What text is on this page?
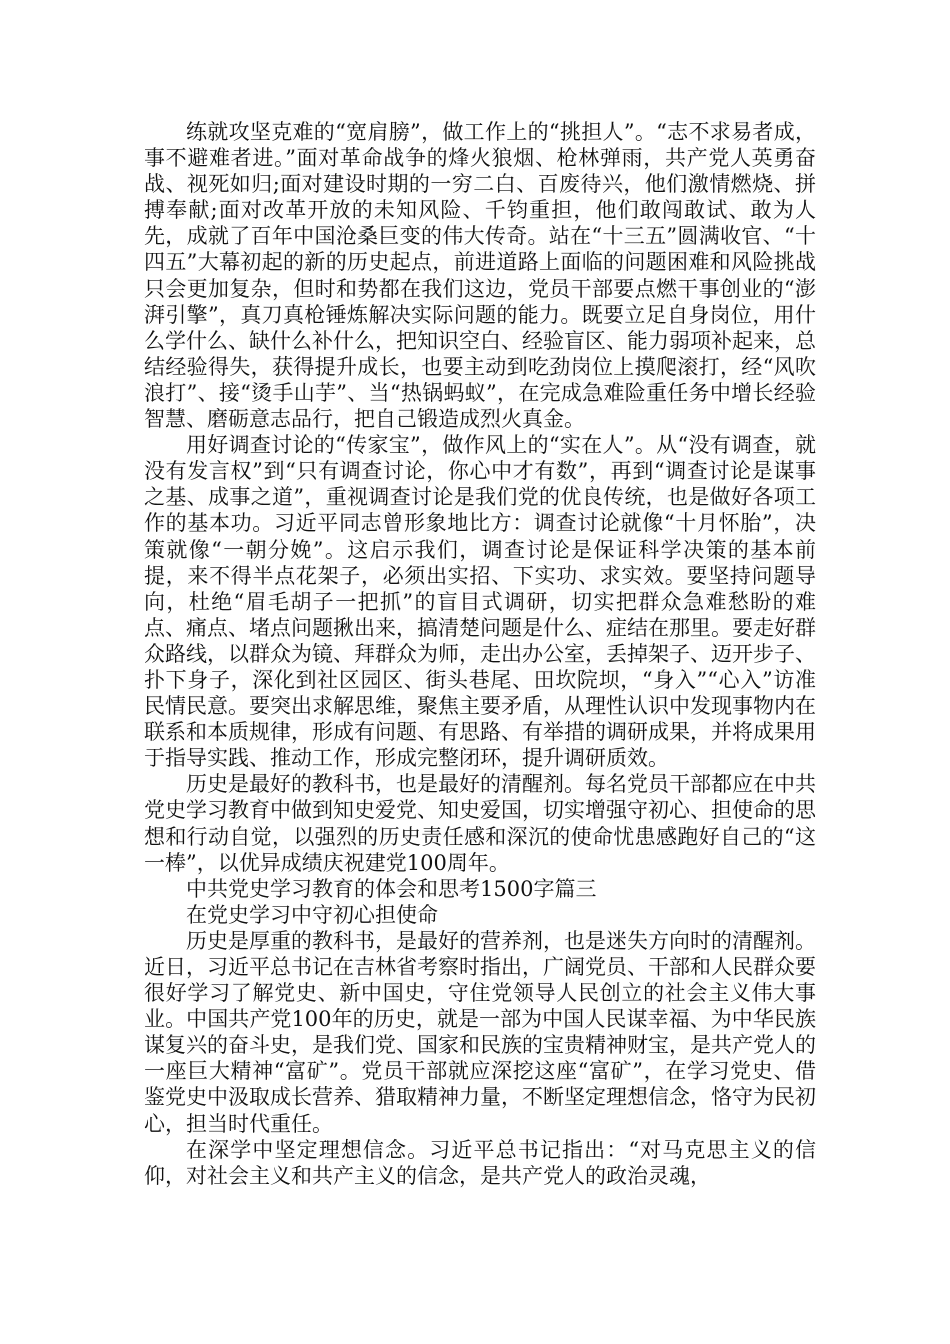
练就攻坚克难的“宽肩膀”，做工作上的“挑担人”。“志不求易者成，事不避难者进。”面对革命战争的烽火狼烟、枪林弹雨，共产党人英勇奋战、视死如归;面对建设时期的一穷二白、百废待兴，他们激情燃烧、拼搏奉献;面对改革开放的未知风险、千钧重担，他们敢闯敢试、敢为人先，成就了百年中国沧桑巨变的伟大传奇。站在“十三五”圆满收官、“十四五”大幕初起的新的历史起点，前进道路上面临的问题困难和风险挑战只会更加复杂，但时和势都在我们这边，党员干部要点燃干事创业的“澎湃引擎”，真刀真枪锤炼解决实际问题的能力。既要立足自身岗位，用什么学什么、缺什么补什么，把知识空白、经验盲区、能力弱项补起来，总结经验得失，获得提升成长，也要主动到吃劲岗位上摸爬滚打，经“风吹浪打”、接“烫手山芋”、当“热锅蚂蚁”，在完成急难险重任务中增长经验智慧、磨砺意志品行，把自己锻造成烈火真金。

用好调查讨论的“传家宝”，做作风上的“实在人”。从“没有调查，就没有发言权”到“只有调查讨论，你心中才有数”，再到“调查讨论是谋事之基、成事之道”，重视调查讨论是我们党的优良传统，也是做好各项工作的基本功。习近平同志曾形象地比方：调查讨论就像“十月怀胎”，决策就像“一朝分娩”。这启示我们，调查讨论是保证科学决策的基本前提，来不得半点花架子，必须出实招、下实功、求实效。要坚持问题导向，杜绝“眉毛胡子一把抓”的盲目式调研，切实把群众急难愁盼的难点、痛点、堵点问题揪出来，搞清楚问题是什么、症结在那里。要走好群众路线，以群众为镜、拜群众为师，走出办公室，丢掉架子、迈开步子、扑下身子，深化到社区园区、街头巷尾、田坎院坝，“身入”“心入”访准民情民意。要突出求解思维，聚焦主要矛盾，从理性认识中发现事物内在联系和本质规律，形成有问题、有思路、有举措的调研成果，并将成果用于指导实践、推动工作，形成完整闭环，提升调研质效。

历史是最好的教科书，也是最好的清醒剂。每名党员干部都应在中共党史学习教育中做到知史爱党、知史爱国，切实增强守初心、担使命的思想和行动自觉，以强烈的历史责任感和深沉的使命忧患感跑好自己的“这一棒”，以优异成绩庆祝建党100周年。

中共党史学习教育的体会和思考1500字篇三

在党史学习中守初心担使命

历史是厚重的教科书，是最好的营养剂，也是迷失方向时的清醒剂。近日，习近平总书记在吉林省考察时指出，广阔党员、干部和人民群众要很好学习了解党史、新中国史，守住党领导人民创立的社会主义伟大事业。中国共产党100年的历史，就是一部为中国人民谋幸福、为中华民族谋复兴的奋斗史，是我们党、国家和民族的宝贵精神财宝，是共产党人的一座巨大精神“富矿”。党员干部就应深挖这座“富矿”，在学习党史、借鉴党史中汲取成长营养、猎取精神力量，不断坚定理想信念，恪守为民初心，担当时代重任。

在深学中坚定理想信念。习近平总书记指出：“对马克思主义的信仰，对社会主义和共产主义的信念，是共产党人的政治灵魂，
